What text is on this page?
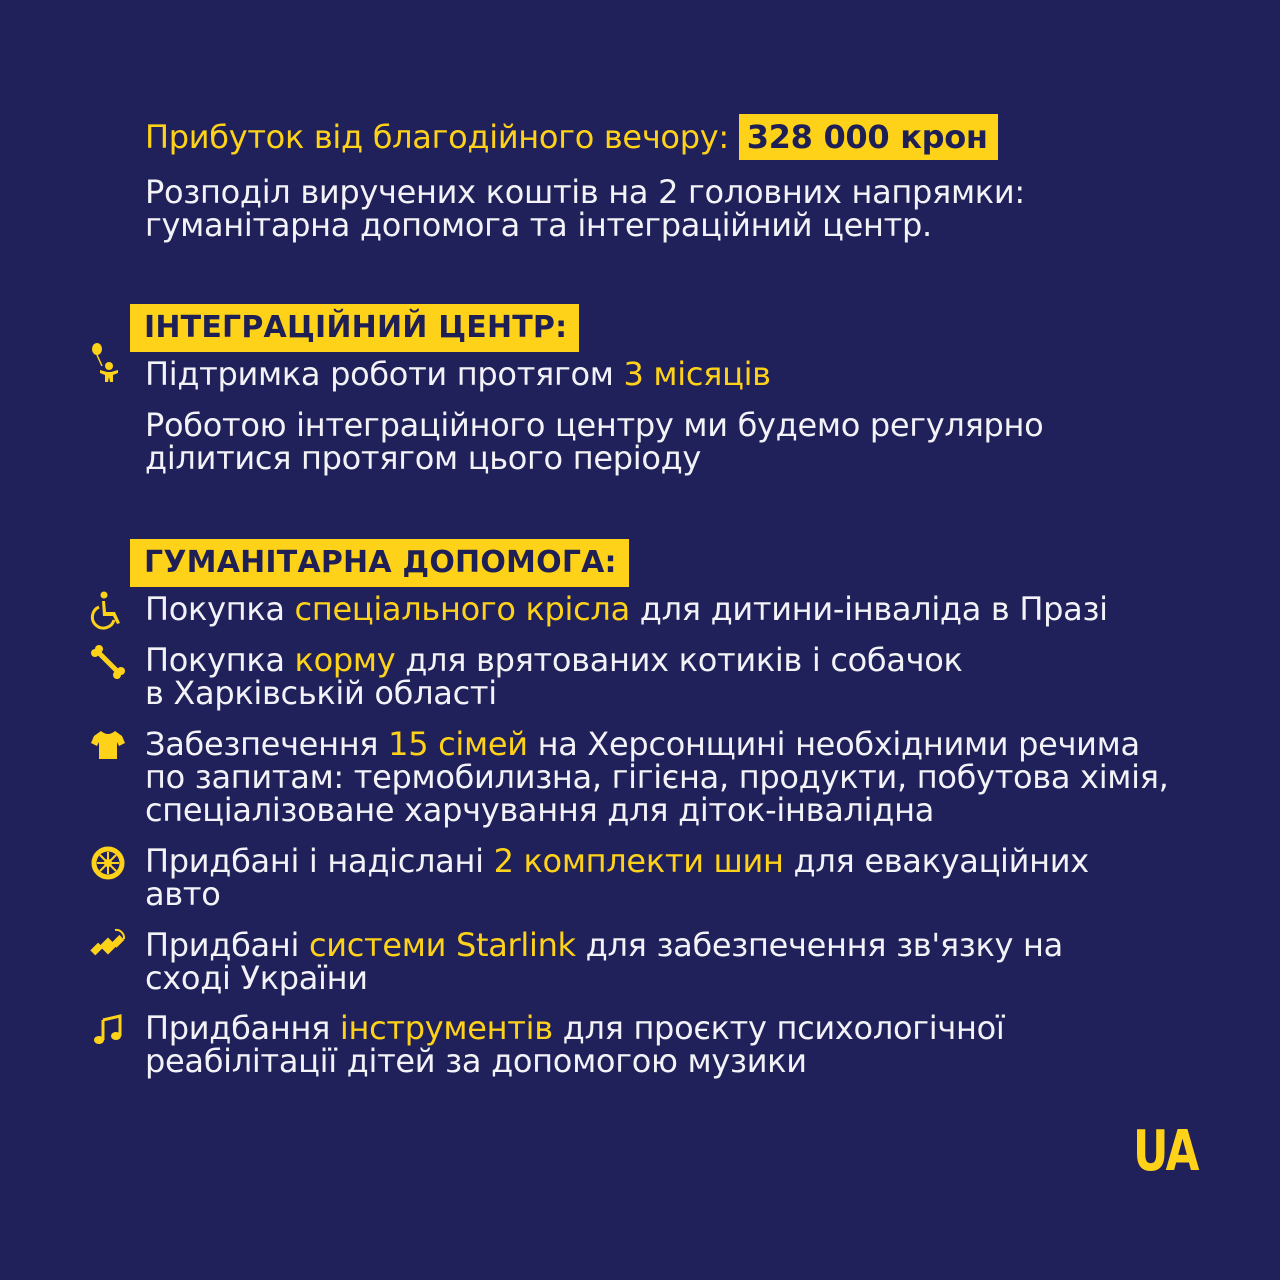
Прибуток від благодійного вечору: 328 000 крон
Розподіл виручених коштів на 2 головних напрямки:
гуманітарна допомога та інтеграційний центр.
ІНТЕГРАЦІЙНИЙ ЦЕНТР:
Підтримка роботи протягом 3 місяців
Роботою інтеграційного центру ми будемо регулярно
ділитися протягом цього періоду
ГУМАНІТАРНА ДОПОМОГА:
Покупка спеціального крісла для дитини-інваліда в Празі
Покупка корму для врятованих котиків і собачок
в Харківській області
Забезпечення 15 сімей на Херсонщині необхідними речима
по запитам: термобилизна, гігієна, продукти, побутова хімія,
спеціалізоване харчування для діток-інвалідна
Придбані і надіслані 2 комплекти шин для евакуаційних
авто
Придбані системи Starlink для забезпечення зв'язку на
сході України
Придбання інструментів для проєкту психологічної
реабілітації дітей за допомогою музики
UA
